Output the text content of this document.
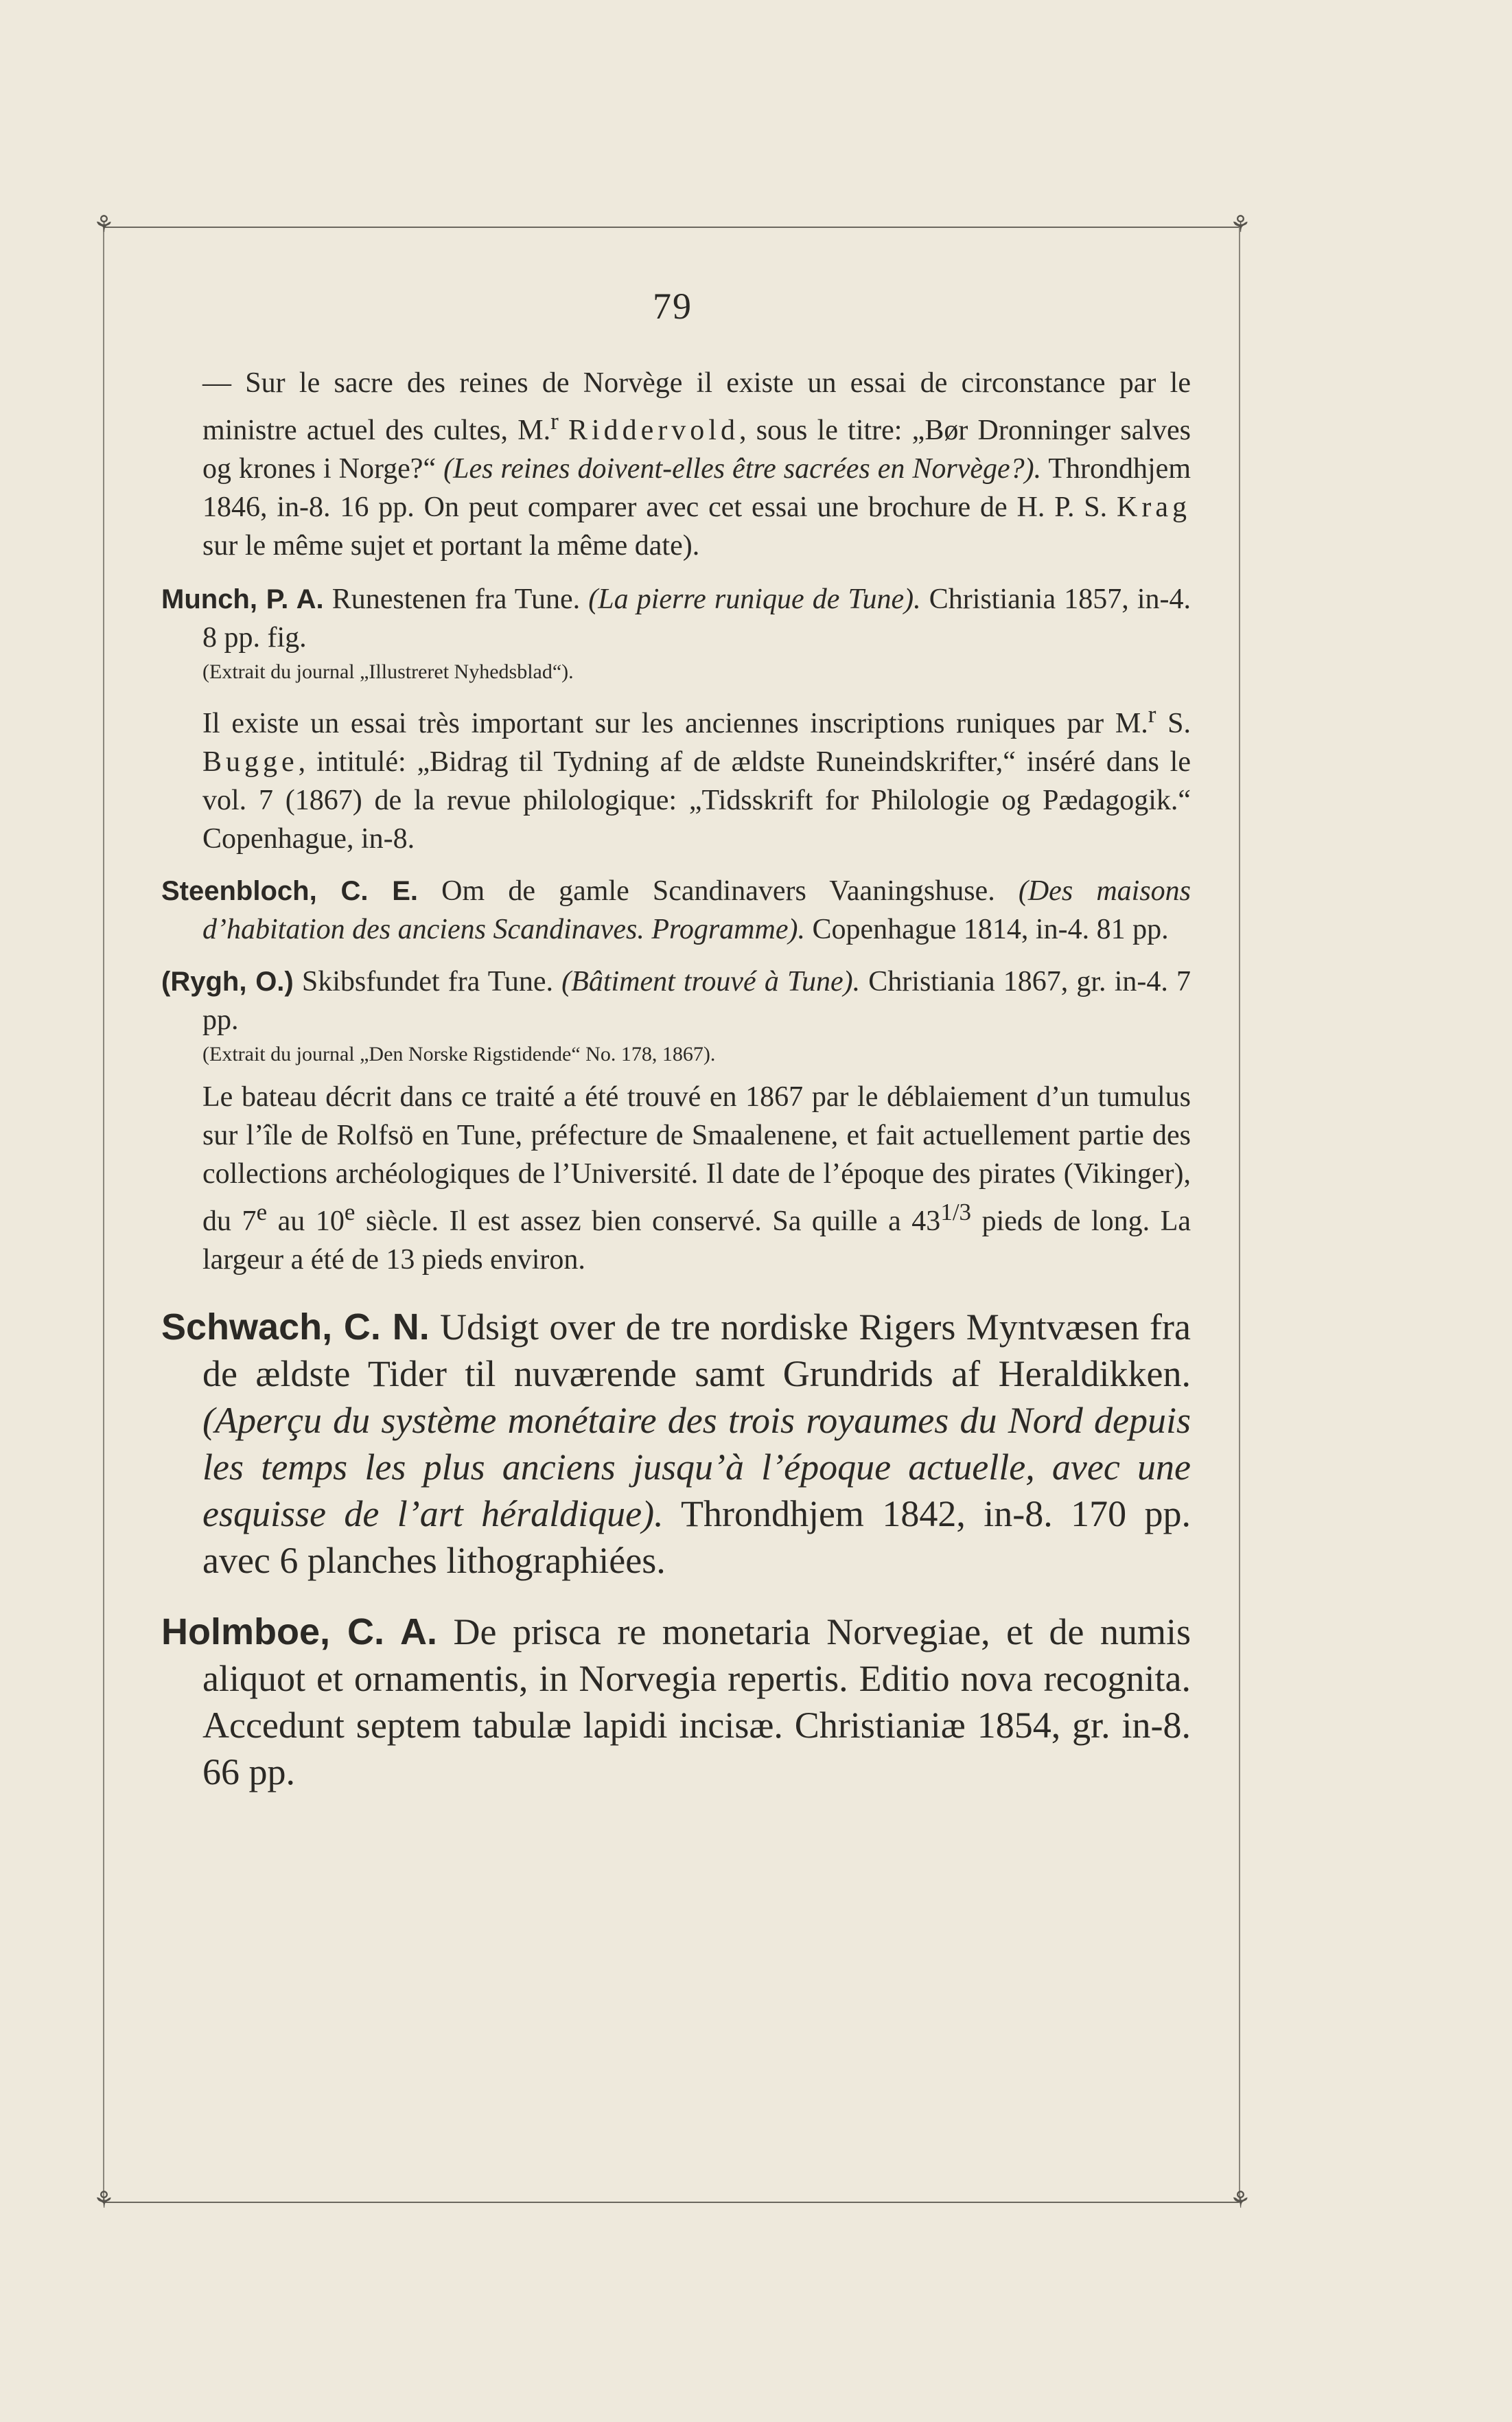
⚘	⚘
⚘	⚘
79

— Sur le sacre des reines de Norvège il existe un essai de circonstance par le ministre actuel des cultes, M.$^r$ Riddervold, sous le titre: „Bør Dronninger salves og krones i Norge?“ (Les reines doivent-elles être sacrées en Norvège?). Throndhjem 1846, in-8. 16 pp. On peut comparer avec cet essai une brochure de H. P. S. Krag sur le même sujet et portant la même date).

Munch, P. A. Runestenen fra Tune. (La pierre runique de Tune). Christiania 1857, in-4. 8 pp. fig.
(Extrait du journal „Illustreret Nyhedsblad“).
Il existe un essai très important sur les anciennes inscriptions runiques par M.$^r$ S. Bugge, intitulé: „Bidrag til Tydning af de ældste Runeindskrifter,“ inséré dans le vol. 7 (1867) de la revue philologique: „Tidsskrift for Philologie og Pædagogik.“ Copenhague, in-8.
Steenbloch, C. E. Om de gamle Scandinavers Vaaningshuse. (Des maisons d’habitation des anciens Scandinaves. Programme). Copenhague 1814, in-4. 81 pp.
(Rygh, O.) Skibsfundet fra Tune. (Bâtiment trouvé à Tune). Christiania 1867, gr. in-4. 7 pp.
(Extrait du journal „Den Norske Rigstidende“ No. 178, 1867).
Le bateau décrit dans ce traité a été trouvé en 1867 par le déblaiement d’un tumulus sur l’île de Rolfsö en Tune, préfecture de Smaalenene, et fait actuellement partie des collections archéologiques de l’Université. Il date de l’époque des pirates (Vikinger), du 7e au 10e siècle. Il est assez bien conservé. Sa quille a $43^{1/3}$ pieds de long. La largeur a été de 13 pieds environ.
Schwach, C. N. Udsigt over de tre nordiske Rigers Myntvæsen fra de ældste Tider til nuværende samt Grundrids af Heraldikken. (Aperçu du système monétaire des trois royaumes du Nord depuis les temps les plus anciens jusqu’à l’époque actuelle, avec une esquisse de l’art héraldique). Throndhjem 1842, in-8. 170 pp. avec 6 planches lithographiées.
Holmboe, C. A. De prisca re monetaria Norvegiae, et de numis aliquot et ornamentis, in Norvegia repertis. Editio nova recognita. Accedunt septem tabulæ lapidi incisæ. Christianiæ 1854, gr. in-8. 66 pp.
